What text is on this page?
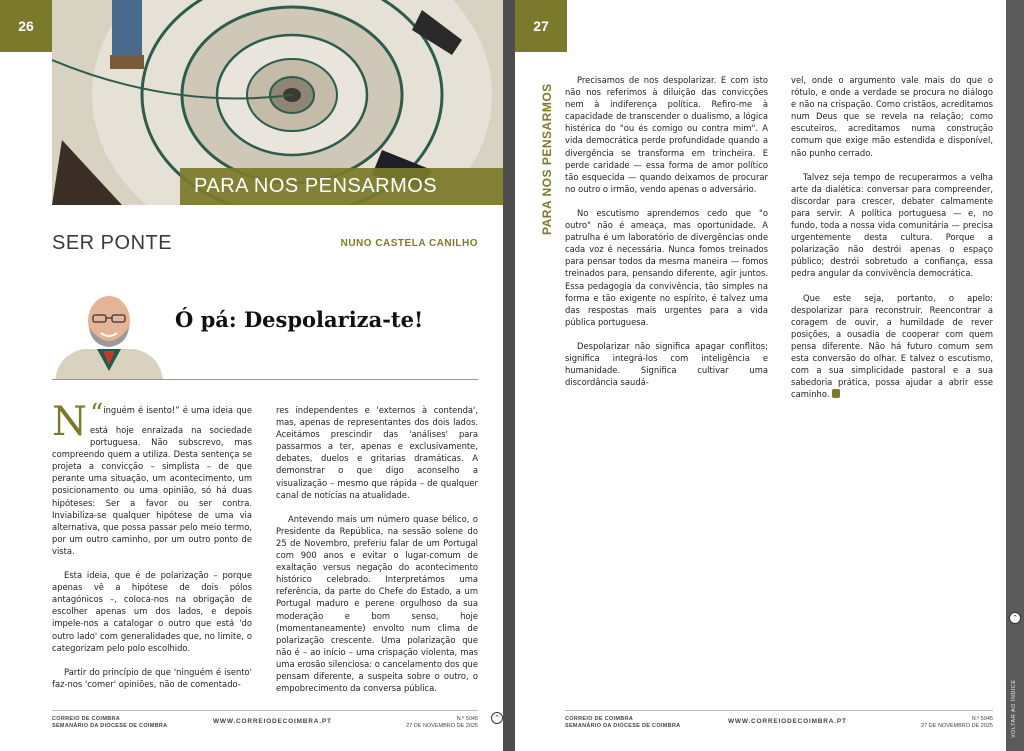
26
PARA NOS PENSARMOS
SER PONTE	NUNO CASTELA CANILHO
Ó pá: Despolariza-te!

“
N inguém é isento!” é uma ideia que está hoje enraizada na sociedade portuguesa. Não subscrevo, mas compreendo quem a utiliza. Desta sentença se projeta a convicção – simplista – de que perante uma situação, um acontecimento, um posicionamento ou uma opinião, só há duas hipóteses: Ser a favor ou ser contra. Inviabiliza-se qualquer hipótese de uma via alternativa, que possa passar pelo meio termo, por um outro caminho, por um outro ponto de vista.

Esta ideia, que é de polarização – porque apenas vê a hipótese de dois pólos antagónicos –, coloca-nos na obrigação de escolher apenas um dos lados, e depois impele-nos a catalogar o outro que está 'do outro lado' com generalidades que, no limite, o categorizam pelo polo escolhido.

Partir do princípio de que 'ninguém é isento' faz-nos 'comer' opiniões, não de comentado-

res independentes e 'externos à contenda', mas, apenas de representantes dos dois lados. Aceitámos prescindir das 'análises' para passarmos a ter, apenas e exclusivamente, debates, duelos e gritarias dramáticas. A demonstrar o que digo aconselho a visualização – mesmo que rápida – de qualquer canal de notícias na atualidade.

Antevendo mais um número quase bélico, o Presidente da República, na sessão solene do 25 de Novembro, preferiu falar de um Portugal com 900 anos e evitar o lugar-comum de exaltação versus negação do acontecimento histórico celebrado. Interpretámos uma referência, da parte do Chefe do Estado, a um Portugal maduro e perene orgulhoso da sua moderação e bom senso, hoje (momentaneamente) envolto num clima de polarização crescente. Uma polarização que não é – ao início – uma crispação violenta, mas uma erosão silenciosa: o cancelamento dos que pensam diferente, a suspeita sobre o outro, o empobrecimento da conversa pública.

CORREIO DE COIMBRA
SEMANÁRIO DA DIOCESE DE COIMBRA
WWW.CORREIODECOIMBRA.PT	N.º 5045
27 DE NOVEMBRO DE 2025
⌃
27

Precisamos de nos despolarizar. E com isto não nos referimos à diluição das convicções nem à indiferença política. Refiro-me à capacidade de transcender o dualismo, a lógica histérica do "ou és comigo ou contra mim". A vida democrática perde profundidade quando a divergência se transforma em trincheira. E perde caridade — essa forma de amor político tão esquecida — quando deixamos de procurar no outro o irmão, vendo apenas o adversário.

No escutismo aprendemos cedo que "o outro" não é ameaça, mas oportunidade. A patrulha é um laboratório de divergências onde cada voz é necessária. Nunca fomos treinados para pensar todos da mesma maneira — fomos treinados para, pensando diferente, agir juntos. Essa pedagogia da convivência, tão simples na forma e tão exigente no espírito, é talvez uma das respostas mais urgentes para a vida pública portuguesa.

Despolarizar não significa apagar conflitos; significa integrá-los com inteligência e humanidade. Significa cultivar uma discordância saudá-

vel, onde o argumento vale mais do que o rótulo, e onde a verdade se procura no diálogo e não na crispação. Como cristãos, acreditamos num Deus que se revela na relação; como escuteiros, acreditamos numa construção comum que exige mão estendida e disponível, não punho cerrado.

Talvez seja tempo de recuperarmos a velha arte da dialética: conversar para compreender, discordar para crescer, debater calmamente para servir. A política portuguesa — e, no fundo, toda a nossa vida comunitária — precisa urgentemente desta cultura. Porque a polarização não destrói apenas o espaço público; destrói sobretudo a confiança, essa pedra angular da convivência democrática.

Que este seja, portanto, o apelo: despolarizar para reconstruir. Reencontrar a coragem de ouvir, a humildade de rever posições, a ousadia de cooperar com quem pensa diferente. Não há futuro comum sem esta conversão do olhar. E talvez o escutismo, com a sua simplicidade pastoral e a sua sabedoria prática, possa ajudar a abrir esse caminho.

CORREIO DE COIMBRA
SEMANÁRIO DA DIOCESE DE COIMBRA
WWW.CORREIODECOIMBRA.PT	N.º 5045
27 DE NOVEMBRO DE 2025
PARA NOS PENSARMOS
⌃
VOLTAR AO ÍNDICE
